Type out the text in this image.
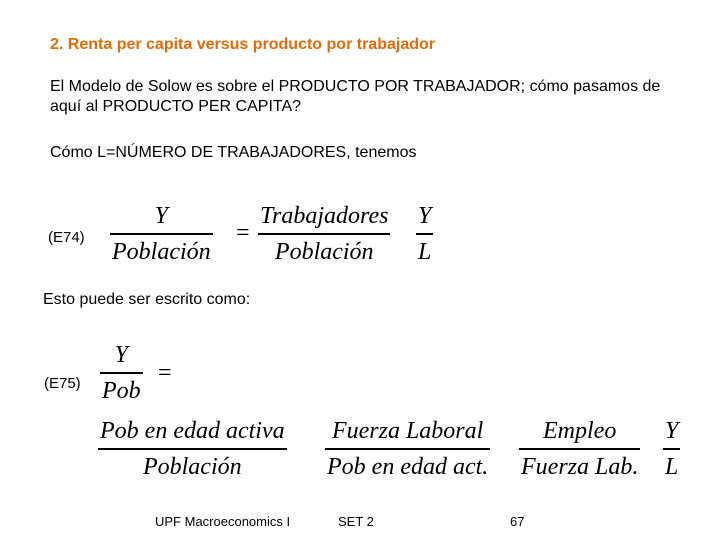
2. Renta per capita versus producto por trabajador
El Modelo de Solow es sobre el PRODUCTO POR TRABAJADOR; cómo pasamos de aquí al PRODUCTO PER CAPITA?
Cómo L=NÚMERO DE TRABAJADORES, tenemos
(E74)
Y
Población
=
Trabajadores
Población
Y
L
Esto puede ser escrito como:
(E75)
Y
Pob
=
Pob en edad activa
Población
Fuerza Laboral
Pob en edad act.
Empleo
Fuerza Lab.
Y
L
UPF Macroeconomics I	SET 2	67
